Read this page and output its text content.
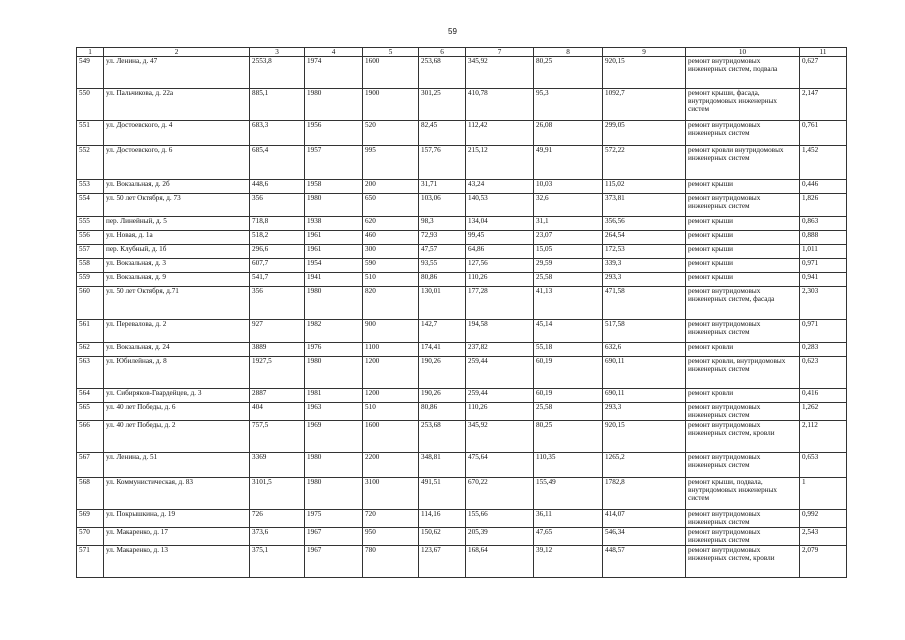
59
1	2	3	4	5	6	7	8	9	10	11
549	ул. Ленина, д. 47	2553,8	1974	1600	253,68	345,92	80,25	920,15	ремонт внутридомовых инженерных систем, подвала	0,627
550	ул. Пальчикова, д. 22а	885,1	1980	1900	301,25	410,78	95,3	1092,7	ремонт крыши, фасада, внутридомовых инженерных систем	2,147
551	ул. Достоевского, д. 4	683,3	1956	520	82,45	112,42	26,08	299,05	ремонт внутридомовых инженерных систем	0,761
552	ул. Достоевского, д. 6	685,4	1957	995	157,76	215,12	49,91	572,22	ремонт кровли внутридомовых инженерных систем	1,452
553	ул. Вокзальная, д. 2б	448,6	1958	200	31,71	43,24	10,03	115,02	ремонт крыши	0,446
554	ул. 50 лет Октября, д. 73	356	1980	650	103,06	140,53	32,6	373,81	ремонт внутридомовых инженерных систем	1,826
555	пер. Линейный, д. 5	718,8	1938	620	98,3	134,04	31,1	356,56	ремонт крыши	0,863
556	ул. Новая, д. 1а	518,2	1961	460	72,93	99,45	23,07	264,54	ремонт крыши	0,888
557	пер. Клубный, д. 1б	296,6	1961	300	47,57	64,86	15,05	172,53	ремонт крыши	1,011
558	ул. Вокзальная, д. 3	607,7	1954	590	93,55	127,56	29,59	339,3	ремонт крыши	0,971
559	ул. Вокзальная, д. 9	541,7	1941	510	80,86	110,26	25,58	293,3	ремонт крыши	0,941
560	ул. 50 лет Октября, д.71	356	1980	820	130,01	177,28	41,13	471,58	ремонт внутридомовых инженерных систем, фасада	2,303
561	ул. Перевалова, д. 2	927	1982	900	142,7	194,58	45,14	517,58	ремонт внутридомовых инженерных систем	0,971
562	ул. Вокзальная, д. 24	3889	1976	1100	174,41	237,82	55,18	632,6	ремонт кровли	0,283
563	ул. Юбилейная, д. 8	1927,5	1980	1200	190,26	259,44	60,19	690,11	ремонт кровли, внутридомовых инженерных систем	0,623
564	ул. Сибиряков-Гвардейцев, д. 3	2887	1981	1200	190,26	259,44	60,19	690,11	ремонт кровли	0,416
565	ул. 40 лет Победы, д. 6	404	1963	510	80,86	110,26	25,58	293,3	ремонт внутридомовых инженерных систем	1,262
566	ул. 40 лет Победы, д. 2	757,5	1969	1600	253,68	345,92	80,25	920,15	ремонт внутридомовых инженерных систем, кровли	2,112
567	ул. Ленина, д. 51	3369	1980	2200	348,81	475,64	110,35	1265,2	ремонт внутридомовых инженерных систем	0,653
568	ул. Коммунистическая, д. 83	3101,5	1980	3100	491,51	670,22	155,49	1782,8	ремонт крыши, подвала, внутридомовых инженерных систем	1
569	ул. Покрышкина, д. 19	726	1975	720	114,16	155,66	36,11	414,07	ремонт внутридомовых инженерных систем	0,992
570	ул. Макаренко, д. 17	373,6	1967	950	150,62	205,39	47,65	546,34	ремонт внутридомовых инженерных систем	2,543
571	ул. Макаренко, д. 13	375,1	1967	780	123,67	168,64	39,12	448,57	ремонт внутридомовых инженерных систем, кровли	2,079
